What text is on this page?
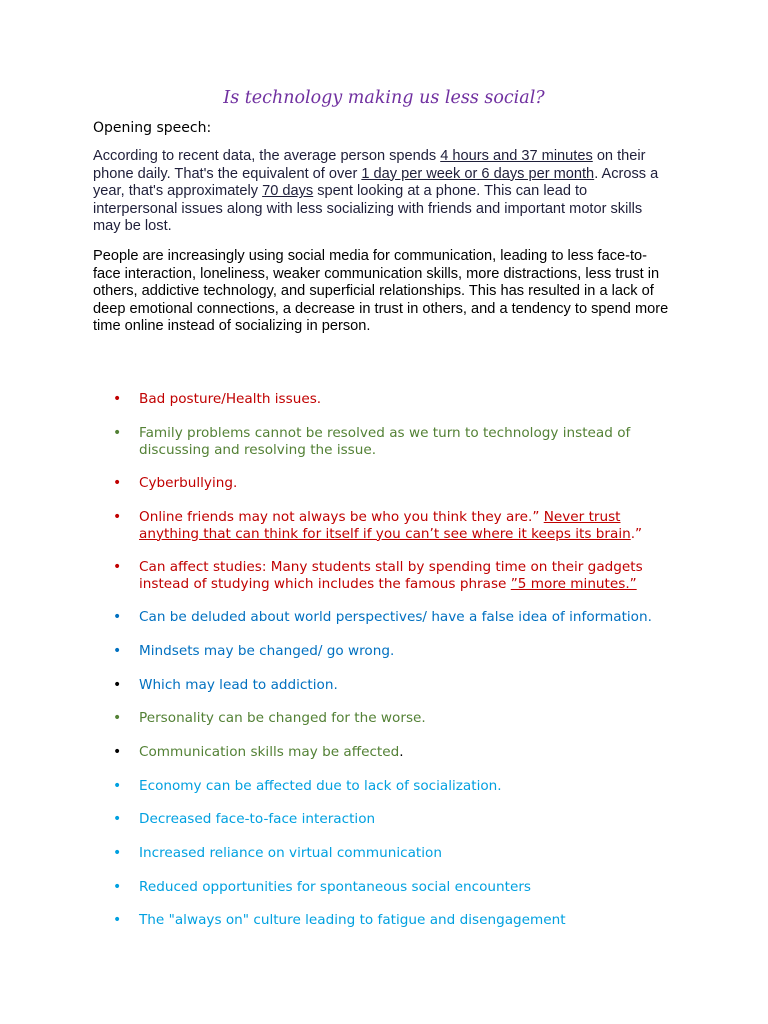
Is technology making us less social?
Opening speech:

According to recent data, the average person spends 4 hours and 37 minutes on their phone daily. That's the equivalent of over 1 day per week or 6 days per month. Across a year, that's approximately 70 days spent looking at a phone. This can lead to interpersonal issues along with less socializing with friends and important motor skills may be lost.

People are increasingly using social media for communication, leading to less face-to-face interaction, loneliness, weaker communication skills, more distractions, less trust in others, addictive technology, and superficial relationships. This has resulted in a lack of deep emotional connections, a decrease in trust in others, and a tendency to spend more time online instead of socializing in person.

• Bad posture/Health issues.
• Family problems cannot be resolved as we turn to technology instead of discussing and resolving the issue.
• Cyberbullying.
• Online friends may not always be who you think they are.” Never trust anything that can think for itself if you can’t see where it keeps its brain.”
• Can affect studies: Many students stall by spending time on their gadgets instead of studying which includes the famous phrase ”5 more minutes.”
• Can be deluded about world perspectives/ have a false idea of information.
• Mindsets may be changed/ go wrong.
• Which may lead to addiction.
• Personality can be changed for the worse.
• Communication skills may be affected.
• Economy can be affected due to lack of socialization.
• Decreased face-to-face interaction
• Increased reliance on virtual communication
• Reduced opportunities for spontaneous social encounters
• The "always on" culture leading to fatigue and disengagement
